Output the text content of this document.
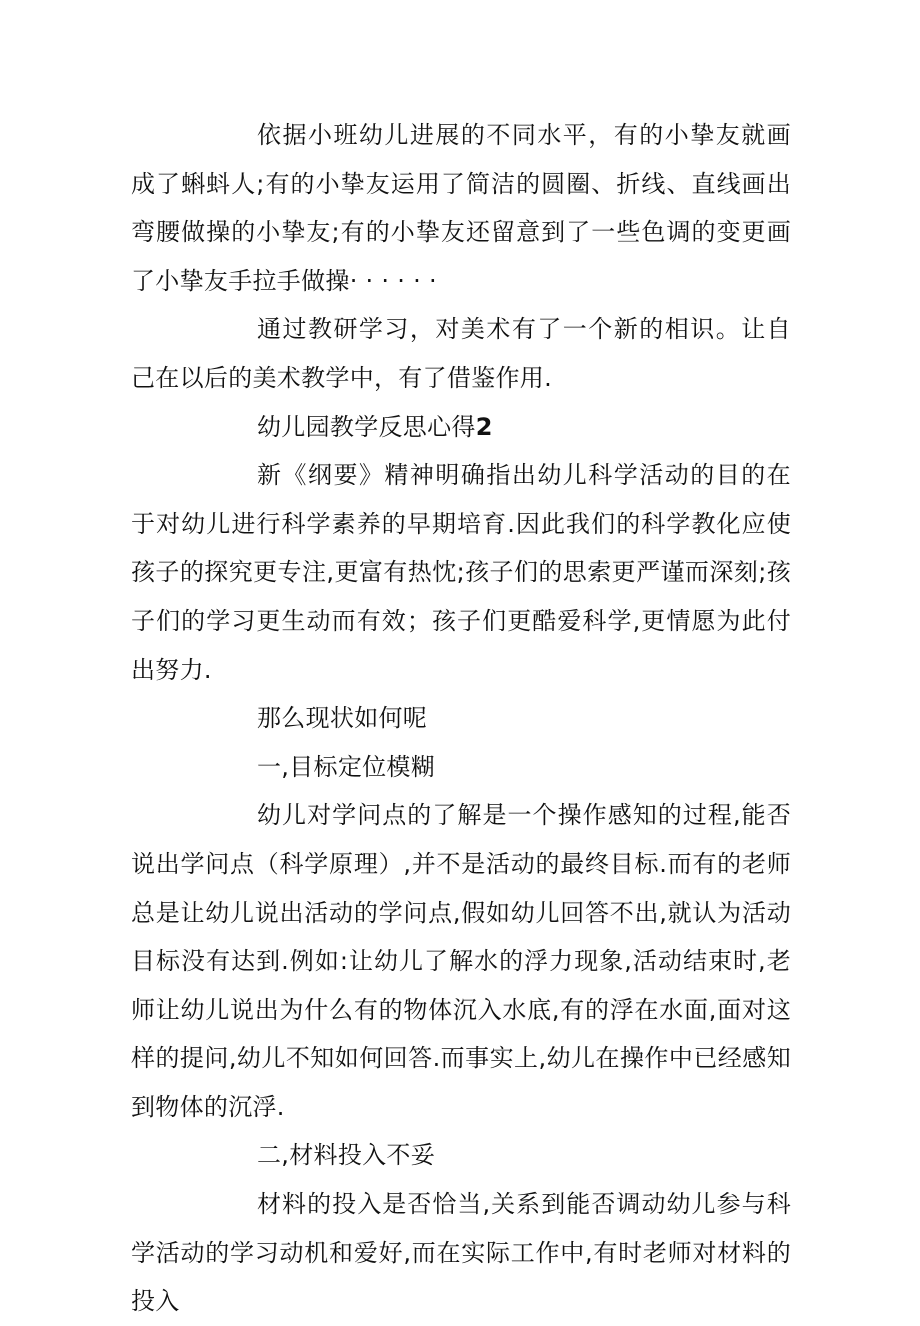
依据小班幼儿进展的不同水平，有的小挚友就画成了蝌蚪人;有的小挚友运用了简洁的圆圈、折线、直线画出弯腰做操的小挚友;有的小挚友还留意到了一些色调的变更画了小挚友手拉手做操· · · · · ·

通过教研学习，对美术有了一个新的相识。让自己在以后的美术教学中，有了借鉴作用.

幼儿园教学反思心得2

新《纲要》精神明确指出幼儿科学活动的目的在于对幼儿进行科学素养的早期培育.因此我们的科学教化应使孩子的探究更专注,更富有热忱;孩子们的思索更严谨而深刻;孩子们的学习更生动而有效；孩子们更酷爱科学,更情愿为此付出努力.

那么现状如何呢

一,目标定位模糊

幼儿对学问点的了解是一个操作感知的过程,能否说出学问点（科学原理）,并不是活动的最终目标.而有的老师总是让幼儿说出活动的学问点,假如幼儿回答不出,就认为活动目标没有达到.例如:让幼儿了解水的浮力现象,活动结束时,老师让幼儿说出为什么有的物体沉入水底,有的浮在水面,面对这样的提问,幼儿不知如何回答.而事实上,幼儿在操作中已经感知到物体的沉浮.

二,材料投入不妥

材料的投入是否恰当,关系到能否调动幼儿参与科学活动的学习动机和爱好,而在实际工作中,有时老师对材料的投入
